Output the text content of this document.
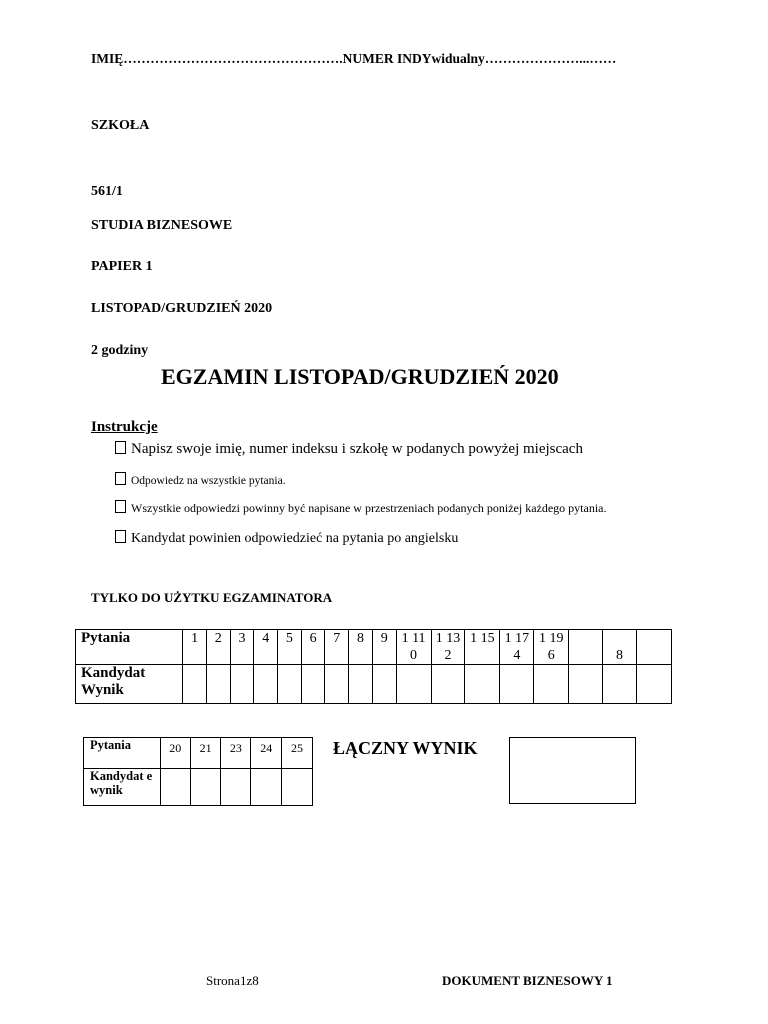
IMIĘ………………………………………….NUMER INDYwidualny…………………...……
SZKOŁA
561/1
STUDIA BIZNESOWE
PAPIER 1
LISTOPAD/GRUDZIEŃ 2020
2 godziny
EGZAMIN LISTOPAD/GRUDZIEŃ 2020
Instrukcje
Napisz swoje imię, numer indeksu i szkołę w podanych powyżej miejscach
Odpowiedz na wszystkie pytania.
Wszystkie odpowiedzi powinny być napisane w przestrzeniach podanych poniżej każdego pytania.
Kandydat powinien odpowiedzieć na pytania po angielsku
TYLKO DO UŻYTKU EGZAMINATORA
Pytania	1	2	3	4	5	6	7	8	9	1 11 0	1 13 2	1 15	1 17 4	1 19 6		8	
Kandydat Wynik																	
Pytania	20	21	23	24	25
Kandydat e wynik					
ŁĄCZNY WYNIK
Strona1z8	DOKUMENT BIZNESOWY 1
